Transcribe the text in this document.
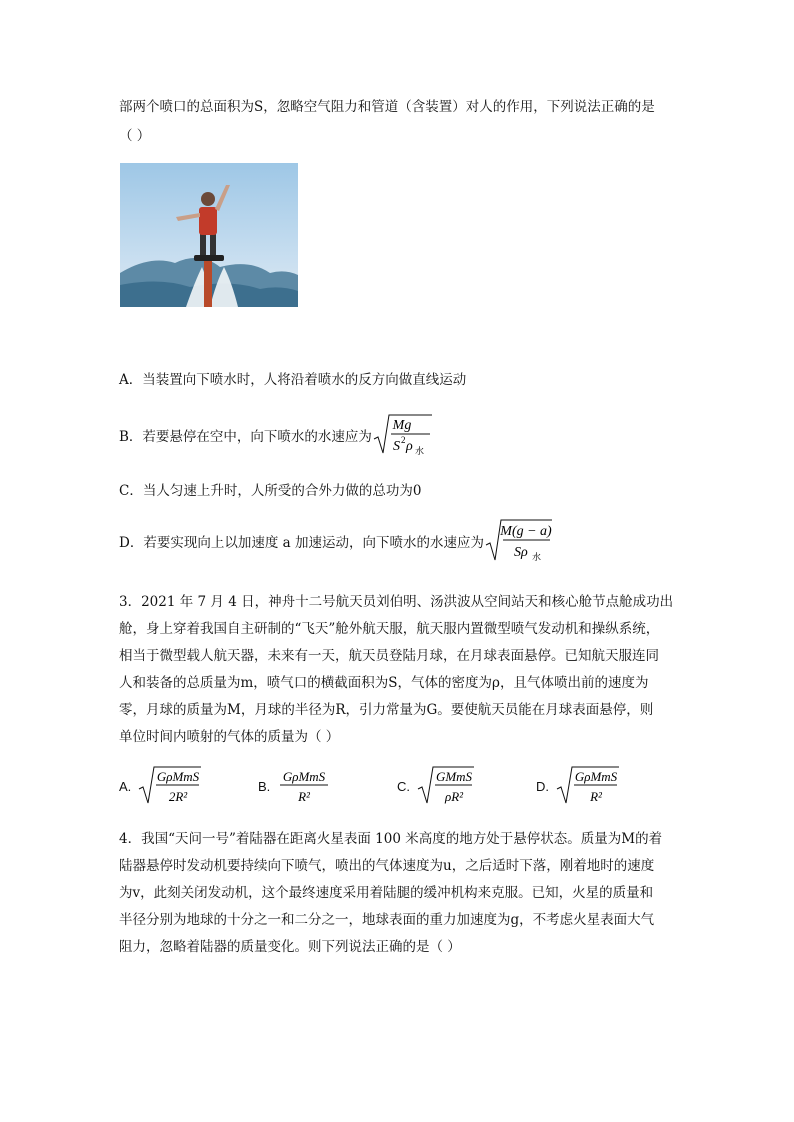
部两个喷口的总面积为S，忽略空气阻力和管道（含装置）对人的作用，下列说法正确的是
（ ）
A．当装置向下喷水时，人将沿着喷水的反方向做直线运动
B．若要悬停在空中，向下喷水的水速应为
Mg
S 2 ρ 水
C．当人匀速上升时，人所受的合外力做的总功为0
D．若要实现向上以加速度 a 加速运动，向下喷水的水速应为
M(g − a)
Sρ 水
3．2021 年 7 月 4 日，神舟十二号航天员刘伯明、汤洪波从空间站天和核心舱节点舱成功出
舱，身上穿着我国自主研制的“飞天”舱外航天服，航天服内置微型喷气发动机和操纵系统，
相当于微型载人航天器，未来有一天，航天员登陆月球，在月球表面悬停。已知航天服连同
人和装备的总质量为m，喷气口的横截面积为S，气体的密度为ρ，且气体喷出前的速度为
零，月球的质量为M，月球的半径为R，引力常量为G。要使航天员能在月球表面悬停，则
单位时间内喷射的气体的质量为（ ）
A.
GρMmS
2R²
B.
GρMmS
R²
C.
GMmS
ρR²
D.
GρMmS
R²
4．我国“天问一号”着陆器在距离火星表面 100 米高度的地方处于悬停状态。质量为M的着
陆器悬停时发动机要持续向下喷气，喷出的气体速度为u，之后适时下落，刚着地时的速度
为v，此刻关闭发动机，这个最终速度采用着陆腿的缓冲机构来克服。已知，火星的质量和
半径分别为地球的十分之一和二分之一，地球表面的重力加速度为g，不考虑火星表面大气
阻力，忽略着陆器的质量变化。则下列说法正确的是（ ）
